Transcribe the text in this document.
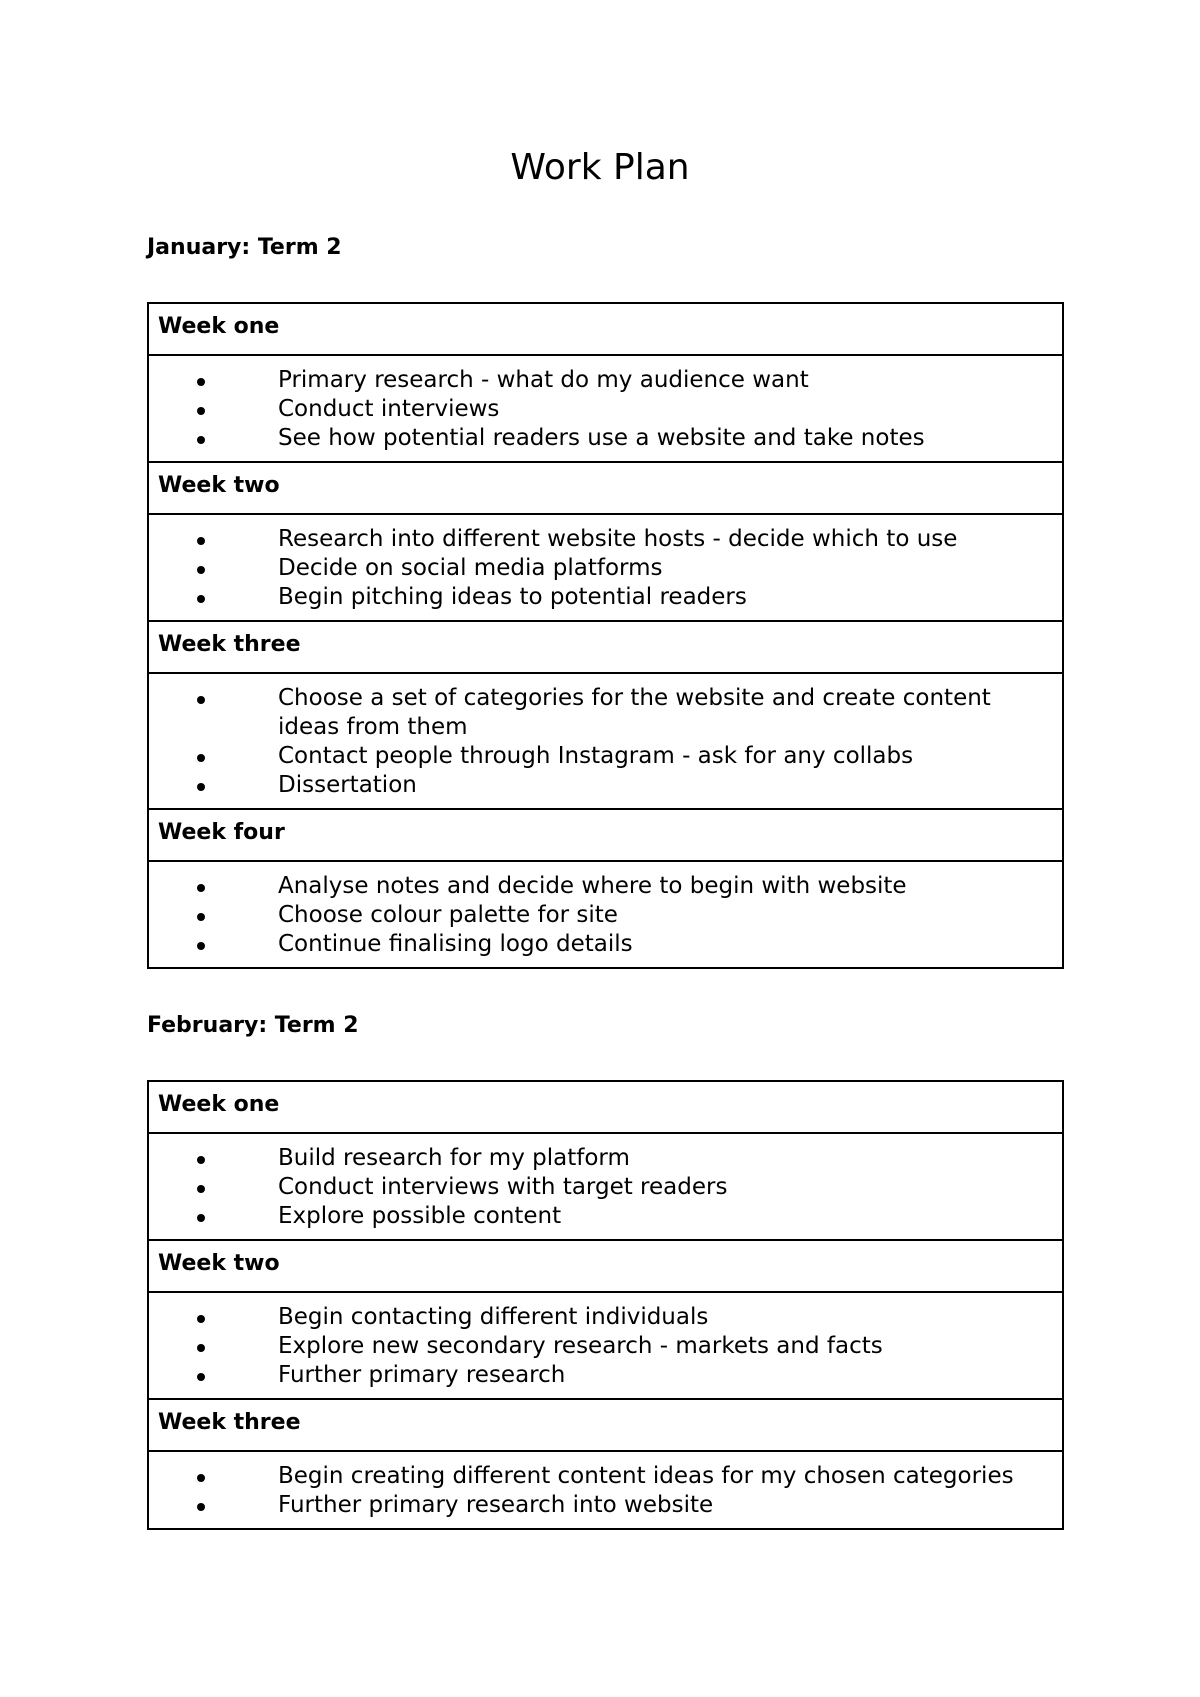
Work Plan
January: Term 2
Week one
Primary research - what do my audience want
Conduct interviews
See how potential readers use a website and take notes
Week two
Research into different website hosts - decide which to use
Decide on social media platforms
Begin pitching ideas to potential readers
Week three
Choose a set of categories for the website and create content ideas from them
Contact people through Instagram - ask for any collabs
Dissertation
Week four
Analyse notes and decide where to begin with website
Choose colour palette for site
Continue finalising logo details
February: Term 2
Week one
Build research for my platform
Conduct interviews with target readers
Explore possible content
Week two
Begin contacting different individuals
Explore new secondary research - markets and facts
Further primary research
Week three
Begin creating different content ideas for my chosen categories
Further primary research into website
